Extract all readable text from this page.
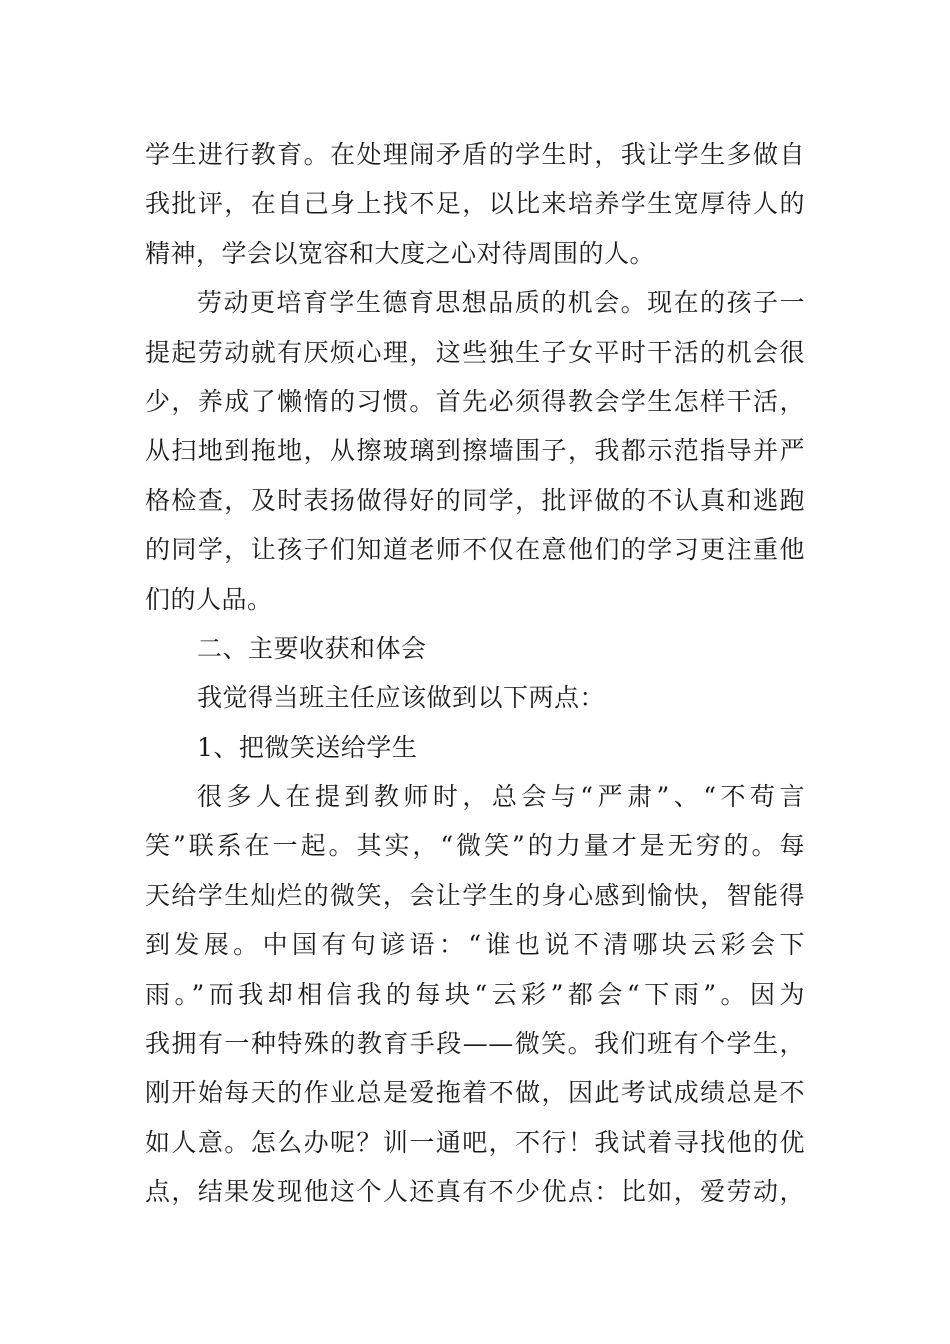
学生进行教育。在处理闹矛盾的学生时，我让学生多做自
我批评，在自己身上找不足，以比来培养学生宽厚待人的
精神，学会以宽容和大度之心对待周围的人。
劳动更培育学生德育思想品质的机会。现在的孩子一
提起劳动就有厌烦心理，这些独生子女平时干活的机会很
少，养成了懒惰的习惯。首先必须得教会学生怎样干活，
从扫地到拖地，从擦玻璃到擦墙围子，我都示范指导并严
格检查，及时表扬做得好的同学，批评做的不认真和逃跑
的同学，让孩子们知道老师不仅在意他们的学习更注重他
们的人品。
二、主要收获和体会
我觉得当班主任应该做到以下两点：
1、把微笑送给学生
很多人在提到教师时，总会与“严肃”、“不苟言
笑”联系在一起。其实，“微笑”的力量才是无穷的。每
天给学生灿烂的微笑，会让学生的身心感到愉快，智能得
到发展。中国有句谚语：“谁也说不清哪块云彩会下
雨。”而我却相信我的每块“云彩”都会“下雨”。因为
我拥有一种特殊的教育手段——微笑。我们班有个学生，
刚开始每天的作业总是爱拖着不做，因此考试成绩总是不
如人意。怎么办呢？训一通吧，不行！我试着寻找他的优
点，结果发现他这个人还真有不少优点：比如，爱劳动，
